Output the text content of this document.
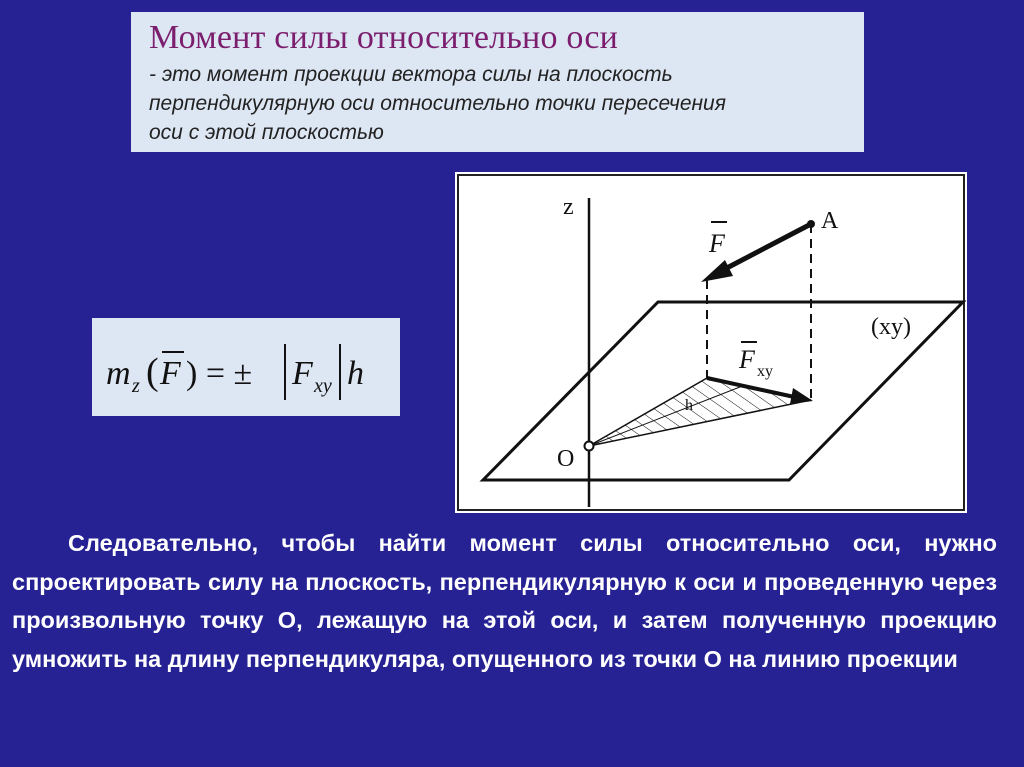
Момент силы относительно оси
- это момент проекции вектора силы на плоскость
перпендикулярную оси относительно точки пересечения
оси с этой плоскостью
m z ( F ) = ± F xy h
z
h
A
F
F xy
(xy)
O

Следовательно, чтобы найти момент силы относительно оси, нужно спроектировать силу на плоскость, перпендикулярную к оси и проведенную через произвольную точку О, лежащую на этой оси, и затем полученную проекцию умножить на длину перпендикуляра, опущенного из точки О на линию проекции
